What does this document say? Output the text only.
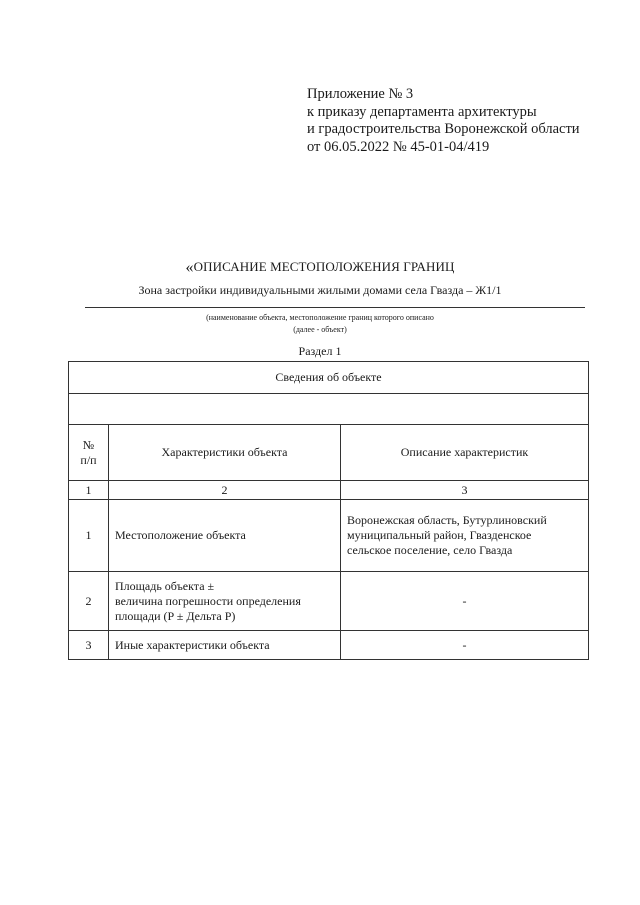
Приложение № 3
к приказу департамента архитектуры
и градостроительства Воронежской области
от 06.05.2022 № 45-01-04/419
«ОПИСАНИЕ МЕСТОПОЛОЖЕНИЯ ГРАНИЦ
Зона застройки индивидуальными жилыми домами села Гвазда – Ж1/1
(наименование объекта, местоположение границ которого описано
(далее - объект)
Раздел 1
Сведения об объекте		

№
п/п	Характеристики объекта	Описание характеристик
1	2	3
1	Местоположение объекта	Воронежская область, Бутурлиновский
муниципальный район, Гвазденское
сельское поселение, село Гвазда

2	Площадь объекта ±
величина погрешности определения
площади (P ± Дельта P)	-

3	Иные характеристики объекта	-
